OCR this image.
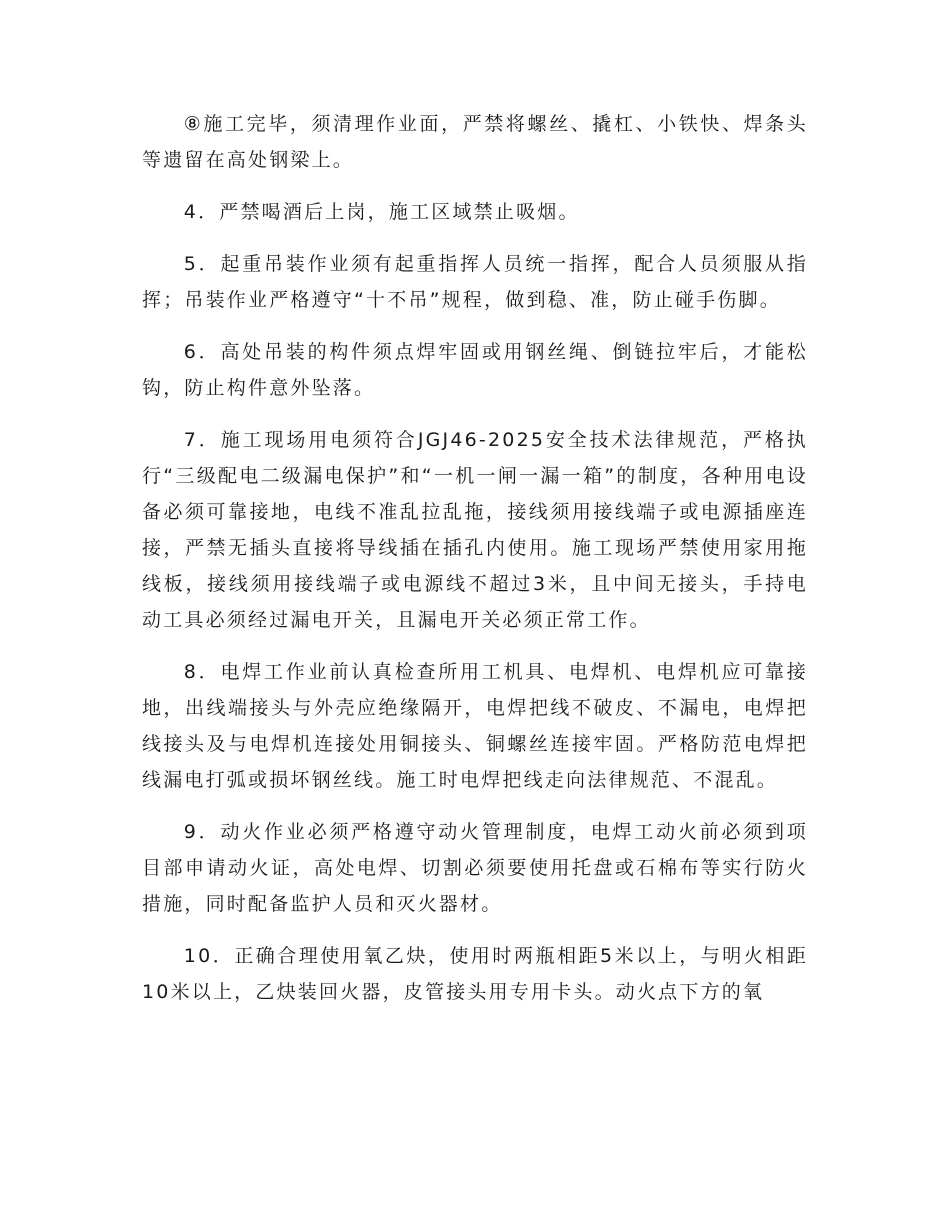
⑧施工完毕，须清理作业面，严禁将螺丝、撬杠、小铁快、焊条头等遗留在高处钢梁上。

4．严禁喝酒后上岗，施工区域禁止吸烟。

5．起重吊装作业须有起重指挥人员统一指挥，配合人员须服从指挥；吊装作业严格遵守“十不吊”规程，做到稳、准，防止碰手伤脚。

6．高处吊装的构件须点焊牢固或用钢丝绳、倒链拉牢后，才能松钩，防止构件意外坠落。

7．施工现场用电须符合JGJ46-2025安全技术法律规范，严格执行“三级配电二级漏电保护”和“一机一闸一漏一箱”的制度，各种用电设备必须可靠接地，电线不准乱拉乱拖，接线须用接线端子或电源插座连接，严禁无插头直接将导线插在插孔内使用。施工现场严禁使用家用拖线板，接线须用接线端子或电源线不超过3米，且中间无接头，手持电动工具必须经过漏电开关，且漏电开关必须正常工作。

8．电焊工作业前认真检查所用工机具、电焊机、电焊机应可靠接地，出线端接头与外壳应绝缘隔开，电焊把线不破皮、不漏电，电焊把线接头及与电焊机连接处用铜接头、铜螺丝连接牢固。严格防范电焊把线漏电打弧或损坏钢丝线。施工时电焊把线走向法律规范、不混乱。

9．动火作业必须严格遵守动火管理制度，电焊工动火前必须到项目部申请动火证，高处电焊、切割必须要使用托盘或石棉布等实行防火措施，同时配备监护人员和灭火器材。

10．正确合理使用氧乙炔，使用时两瓶相距5米以上，与明火相距10米以上，乙炔装回火器，皮管接头用专用卡头。动火点下方的氧
